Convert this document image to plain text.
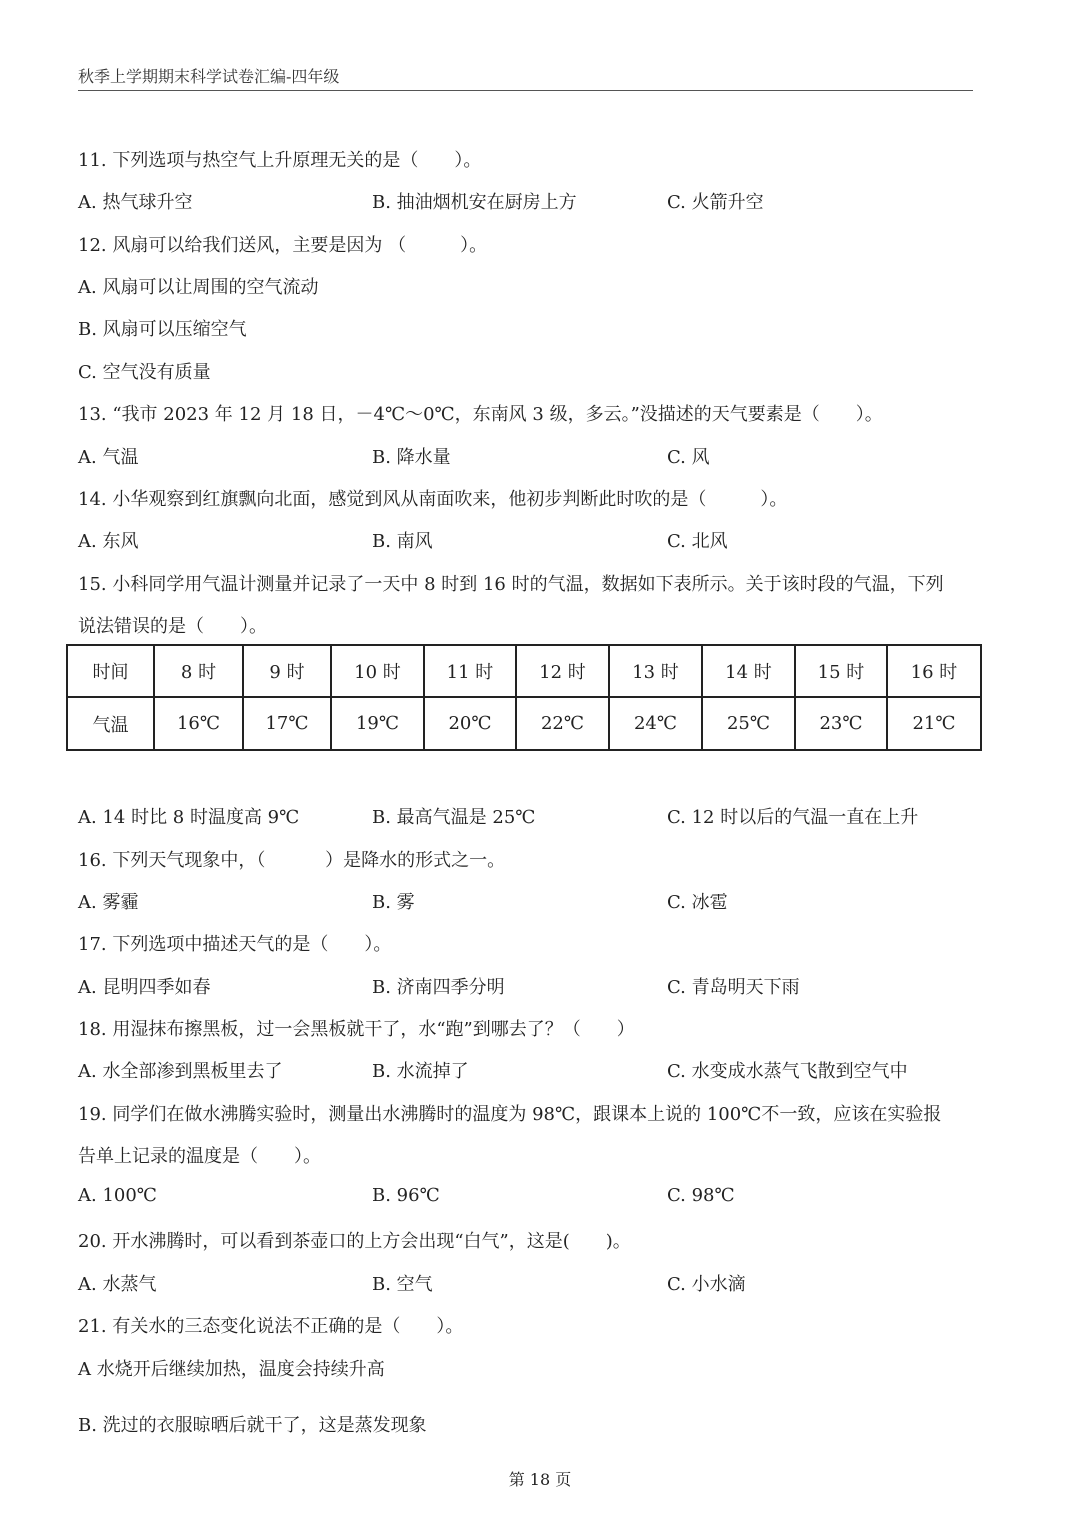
秋季上学期期末科学试卷汇编-四年级
11. 下列选项与热空气上升原理无关的是（　　）。
A. 热气球升空	B. 抽油烟机安在厨房上方	C. 火箭升空
12. 风扇可以给我们送风，主要是因为 （　　　）。
A. 风扇可以让周围的空气流动
B. 风扇可以压缩空气
C. 空气没有质量
13. “我市 2023 年 12 月 18 日，－4℃～0℃，东南风 3 级，多云。”没描述的天气要素是（　　）。
A. 气温	B. 降水量	C. 风
14. 小华观察到红旗飘向北面，感觉到风从南面吹来，他初步判断此时吹的是（　　　）。
A. 东风	B. 南风	C. 北风
15. 小科同学用气温计测量并记录了一天中 8 时到 16 时的气温，数据如下表所示。关于该时段的气温，下列
说法错误的是（　　）。
时间	8 时	9 时	10 时	11 时	12 时	13 时	14 时	15 时	16 时
气温	16℃	17℃	19℃	20℃	22℃	24℃	25℃	23℃	21℃
A. 14 时比 8 时温度高 9℃	B. 最高气温是 25℃	C. 12 时以后的气温一直在上升
16. 下列天气现象中，（　　　 ）是降水的形式之一。
A. 雾霾	B. 雾	C. 冰雹
17. 下列选项中描述天气的是（　　）。
A. 昆明四季如春	B. 济南四季分明	C. 青岛明天下雨
18. 用湿抹布擦黑板，过一会黑板就干了，水“跑”到哪去了？（　　）
A. 水全部渗到黑板里去了	B. 水流掉了	C. 水变成水蒸气飞散到空气中
19. 同学们在做水沸腾实验时，测量出水沸腾时的温度为 98℃，跟课本上说的 100℃不一致，应该在实验报
告单上记录的温度是（　　）。
A. 100℃	B. 96℃	C. 98℃
20. 开水沸腾时，可以看到茶壶口的上方会出现“白气”，这是(　　)。
A. 水蒸气	B. 空气	C. 小水滴
21. 有关水的三态变化说法不正确的是（　　）。
A 水烧开后继续加热，温度会持续升高
B. 洗过的衣服晾晒后就干了，这是蒸发现象
第 18 页
